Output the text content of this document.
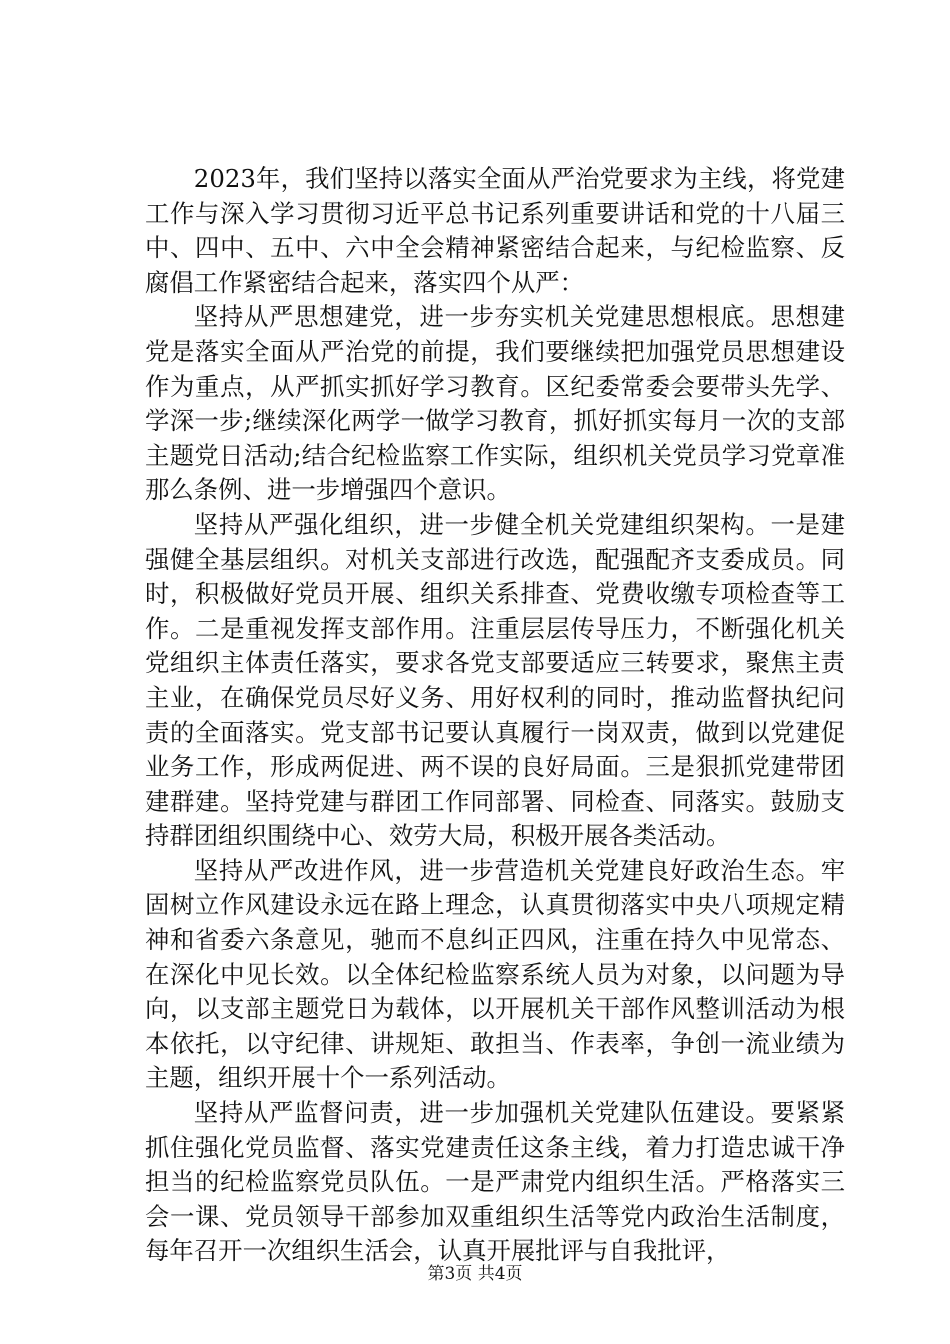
2023年，我们坚持以落实全面从严治党要求为主线，将党建工作与深入学习贯彻习近平总书记系列重要讲话和党的十八届三中、四中、五中、六中全会精神紧密结合起来，与纪检监察、反腐倡工作紧密结合起来，落实四个从严：

坚持从严思想建党，进一步夯实机关党建思想根底。思想建党是落实全面从严治党的前提，我们要继续把加强党员思想建设作为重点，从严抓实抓好学习教育。区纪委常委会要带头先学、学深一步;继续深化两学一做学习教育，抓好抓实每月一次的支部主题党日活动;结合纪检监察工作实际，组织机关党员学习党章准那么条例、进一步增强四个意识。

坚持从严强化组织，进一步健全机关党建组织架构。一是建强健全基层组织。对机关支部进行改选，配强配齐支委成员。同时，积极做好党员开展、组织关系排查、党费收缴专项检查等工作。二是重视发挥支部作用。注重层层传导压力，不断强化机关党组织主体责任落实，要求各党支部要适应三转要求，聚焦主责主业，在确保党员尽好义务、用好权利的同时，推动监督执纪问责的全面落实。党支部书记要认真履行一岗双责，做到以党建促业务工作，形成两促进、两不误的良好局面。三是狠抓党建带团建群建。坚持党建与群团工作同部署、同检查、同落实。鼓励支持群团组织围绕中心、效劳大局，积极开展各类活动。

坚持从严改进作风，进一步营造机关党建良好政治生态。牢固树立作风建设永远在路上理念，认真贯彻落实中央八项规定精神和省委六条意见，驰而不息纠正四风，注重在持久中见常态、在深化中见长效。以全体纪检监察系统人员为对象，以问题为导向，以支部主题党日为载体，以开展机关干部作风整训活动为根本依托，以守纪律、讲规矩、敢担当、作表率，争创一流业绩为主题，组织开展十个一系列活动。

坚持从严监督问责，进一步加强机关党建队伍建设。要紧紧抓住强化党员监督、落实党建责任这条主线，着力打造忠诚干净担当的纪检监察党员队伍。一是严肃党内组织生活。严格落实三会一课、党员领导干部参加双重组织生活等党内政治生活制度，每年召开一次组织生活会，认真开展批评与自我批评，

第3页 共4页
